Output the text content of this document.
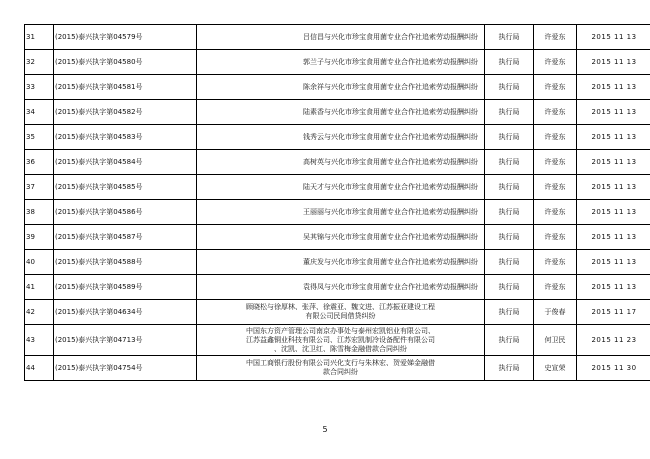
31	(2015)泰兴执字第04579号	吕信昌与兴化市珍宝食用菌专业合作社追索劳动报酬纠纷	执行局	许爱东	2015 11 13
32	(2015)泰兴执字第04580号	郭兰子与兴化市珍宝食用菌专业合作社追索劳动报酬纠纷	执行局	许爱东	2015 11 13
33	(2015)泰兴执字第04581号	陈余祥与兴化市珍宝食用菌专业合作社追索劳动报酬纠纷	执行局	许爱东	2015 11 13
34	(2015)泰兴执字第04582号	陆素香与兴化市珍宝食用菌专业合作社追索劳动报酬纠纷	执行局	许爱东	2015 11 13
35	(2015)泰兴执字第04583号	钱秀云与兴化市珍宝食用菌专业合作社追索劳动报酬纠纷	执行局	许爱东	2015 11 13
36	(2015)泰兴执字第04584号	高树英与兴化市珍宝食用菌专业合作社追索劳动报酬纠纷	执行局	许爱东	2015 11 13
37	(2015)泰兴执字第04585号	陆天才与兴化市珍宝食用菌专业合作社追索劳动报酬纠纷	执行局	许爱东	2015 11 13
38	(2015)泰兴执字第04586号	王丽丽与兴化市珍宝食用菌专业合作社追索劳动报酬纠纷	执行局	许爱东	2015 11 13
39	(2015)泰兴执字第04587号	吴其锦与兴化市珍宝食用菌专业合作社追索劳动报酬纠纷	执行局	许爱东	2015 11 13
40	(2015)泰兴执字第04588号	董庆发与兴化市珍宝食用菌专业合作社追索劳动报酬纠纷	执行局	许爱东	2015 11 13
41	(2015)泰兴执字第04589号	袁得凤与兴化市珍宝食用菌专业合作社追索劳动报酬纠纷	执行局	许爱东	2015 11 13
42	(2015)泰兴执字第04634号	顾晓松与徐厚林、张萍、徐震亚、魏文进、江苏振亚建设工程
有限公司民间借贷纠纷	执行局	于俊春	2015 11 17
43	(2015)泰兴执字第04713号	中国东方资产管理公司南京办事处与泰州宏凯铝业有限公司、
江苏益鑫铜业科技有限公司、江苏宏凯制冷设备配件有限公司
、沈凯、沈卫红、陈雪梅金融借款合同纠纷	执行局	何卫民	2015 11 23
44	(2015)泰兴执字第04754号	中国工商银行股份有限公司兴化支行与朱林宏、贺爱娣金融借
款合同纠纷	执行局	史宣荣	2015 11 30
5
